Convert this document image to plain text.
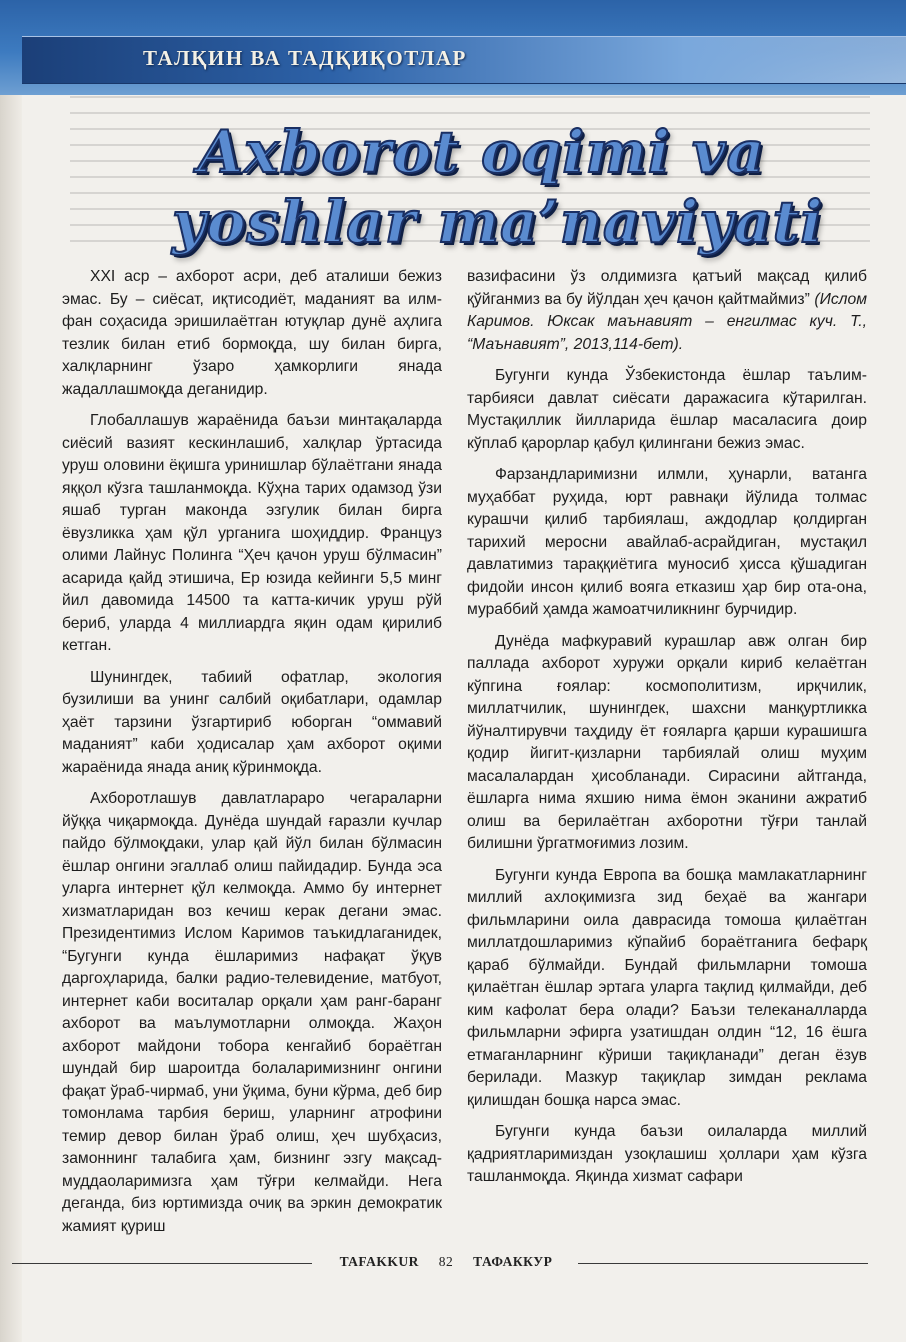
ТАЛҚИН ВА ТАДҚИҚОТЛАР
Axborot oqimi va
yoshlar ma’naviyati

XXI аср – ахборот асри, деб аталиши бежиз эмас. Бу – сиёсат, иқтисодиёт, маданият ва илм-фан соҳасида эришилаётган ютуқлар дунё аҳлига тезлик билан етиб бормоқда, шу билан бирга, халқларнинг ўзаро ҳамкорлиги янада жадаллашмоқда деганидир.

Глобаллашув жараёнида баъзи минтақаларда сиёсий вазият кескинлашиб, халқлар ўртасида уруш оловини ёқишга уринишлар бўлаётгани янада яққол кўзга ташланмоқда. Кўҳна тарих одамзод ўзи яшаб турган маконда эзгулик билан бирга ёвузликка ҳам қўл урганига шоҳиддир. Француз олими Лайнус Полинга “Ҳеч қачон уруш бўлмасин” асарида қайд этишича, Ер юзида кейинги 5,5 минг йил давомида 14500 та катта-кичик уруш рўй бериб, уларда 4 миллиардга яқин одам қирилиб кетган.

Шунингдек, табиий офатлар, экология бузилиши ва унинг салбий оқибатлари, одамлар ҳаёт тарзини ўзгартириб юборган “оммавий маданият” каби ҳодисалар ҳам ахборот оқими жараёнида янада аниқ кўринмоқда.

Ахборотлашув давлатлараро чегараларни йўққа чиқармоқда. Дунёда шундай ғаразли кучлар пайдо бўлмоқдаки, улар қай йўл билан бўлмасин ёшлар онгини эгаллаб олиш пайидадир. Бунда эса уларга интернет қўл келмоқда. Аммо бу интернет хизматларидан воз кечиш керак дегани эмас. Президентимиз Ислом Каримов таъкидлаганидек, “Бугунги кунда ёшларимиз нафақат ўқув даргоҳларида, балки радио-телевидение, матбуот, интернет каби воситалар орқали ҳам ранг-баранг ахборот ва маълумотларни олмоқда. Жаҳон ахборот майдони тобора кенгайиб бораётган шундай бир шароитда болаларимизнинг онгини фақат ўраб-чирмаб, уни ўқима, буни кўрма, деб бир томонлама тарбия бериш, уларнинг атрофини темир девор билан ўраб олиш, ҳеч шубҳасиз, замоннинг талабига ҳам, бизнинг эзгу мақсад-муддаоларимизга ҳам тўғри келмайди. Нега деганда, биз юртимизда очиқ ва эркин демократик жамият қуриш

вазифасини ўз олдимизга қатъий мақсад қилиб қўйганмиз ва бу йўлдан ҳеч қачон қайтмаймиз” (Ислом Каримов. Юксак маънавият – енгилмас куч. Т., “Маънавият”, 2013,114-бет).

Бугунги кунда Ўзбекистонда ёшлар таълим-тарбияси давлат сиёсати даражасига кўтарилган. Мустақиллик йилларида ёшлар масаласига доир кўплаб қарорлар қабул қилингани бежиз эмас.

Фарзандларимизни илмли, ҳунарли, ватанга муҳаббат руҳида, юрт равнақи йўлида толмас курашчи қилиб тарбиялаш, аждодлар қолдирган тарихий меросни авайлаб-асрайдиган, мустақил давлатимиз тараққиётига муносиб ҳисса қўшадиган фидойи инсон қилиб вояга етказиш ҳар бир ота-она, мураббий ҳамда жамоатчиликнинг бурчидир.

Дунёда мафкуравий курашлар авж олган бир паллада ахборот хуружи орқали кириб келаётган кўпгина ғоялар: космополитизм, ирқчилик, миллатчилик, шунингдек, шахсни манқуртликка йўналтирувчи таҳдиду ёт ғояларга қарши курашишга қодир йигит-қизларни тарбиялай олиш муҳим масалалардан ҳисобланади. Сирасини айтганда, ёшларга нима яхшию нима ёмон эканини ажратиб олиш ва берилаётган ахборотни тўғри танлай билишни ўргатмоғимиз лозим.

Бугунги кунда Европа ва бошқа мамлакатларнинг миллий ахлоқимизга зид беҳаё ва жангари фильмларини оила даврасида томоша қилаётган миллатдошларимиз кўпайиб бораётганига бефарқ қараб бўлмайди. Бундай фильмларни томоша қилаётган ёшлар эртага уларга тақлид қилмайди, деб ким кафолат бера олади? Баъзи телеканалларда фильмларни эфирга узатишдан олдин “12, 16 ёшга етмаганларнинг кўриши тақиқланади” деган ёзув берилади. Мазкур тақиқлар зимдан реклама қилишдан бошқа нарса эмас.

Бугунги кунда баъзи оилаларда миллий қадриятларимиздан узоқлашиш ҳоллари ҳам кўзга ташланмоқда. Яқинда хизмат сафари

TAFAKKUR 82 ТАФАККУР
